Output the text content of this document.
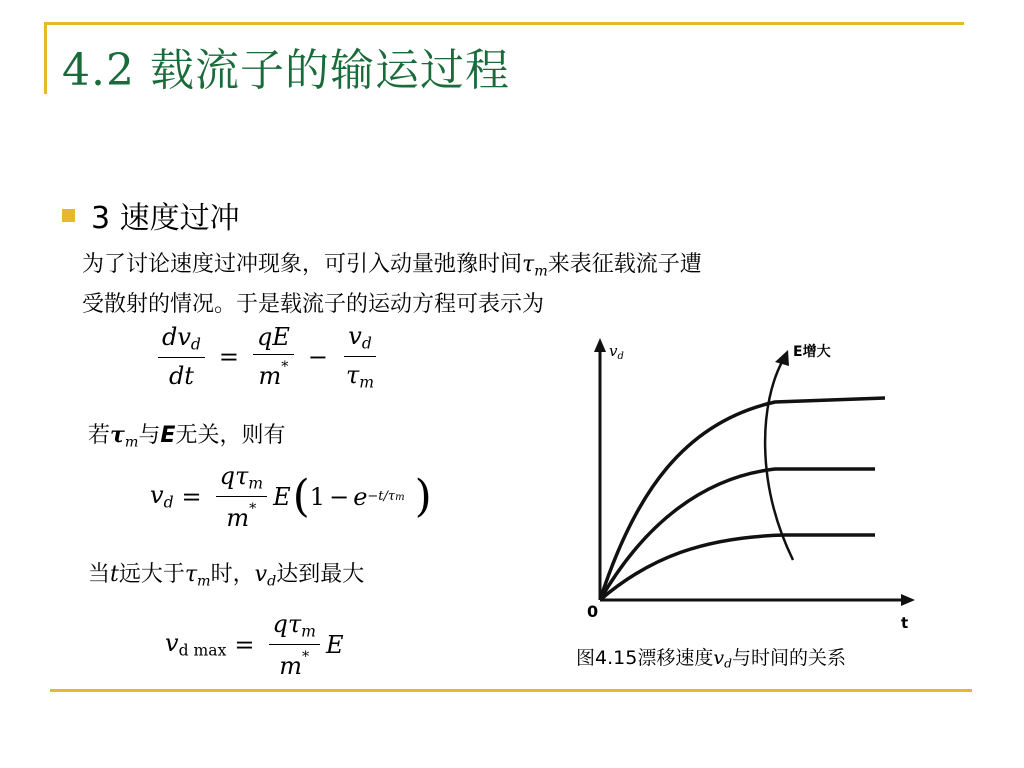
4.2 载流子的输运过程
3 速度过冲
为了讨论速度过冲现象，可引入动量弛豫时间$\tau_m$来表征载流子遭
受散射的情况。于是载流子的运动方程可表示为
$\frac{dv_d}{dt} = \frac{qE}{m^*} - \frac{v_d}{\tau_m}$
若$\tau_m$与E无关，则有
$v_d = \frac{q\tau_m}{m^*}$ E ( 1 − e −t/τm )
当t远大于$\tau_m$时，$v_d$达到最大
$v_{d max} = \frac{q\tau_m}{m^*}$ E
$v_d$
t
0
E增大
图4.15漂移速度$v_d$与时间的关系
